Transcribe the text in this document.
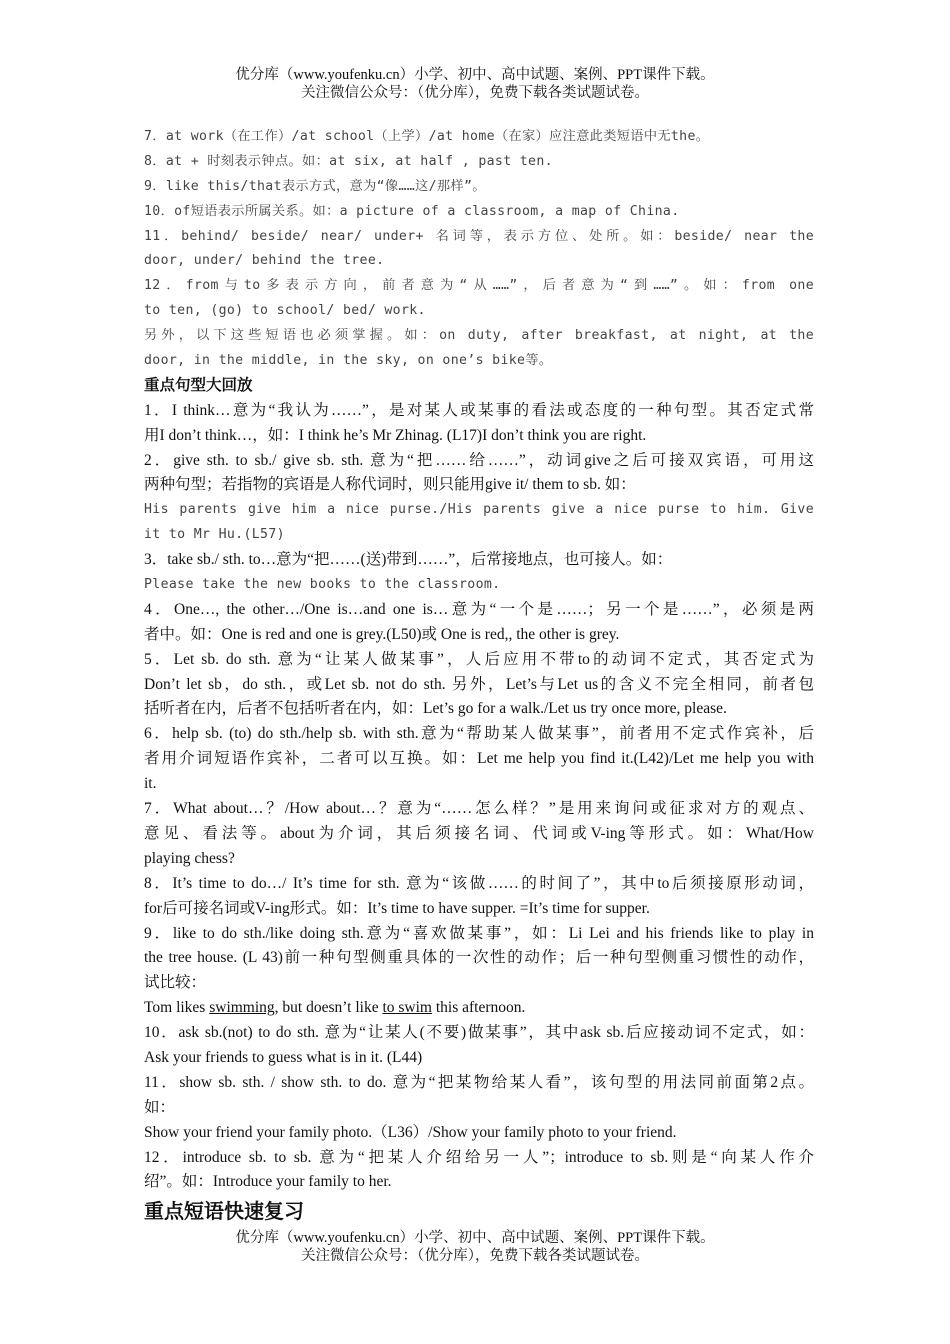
优分库（www.youfenku.cn）小学、初中、高中试题、案例、PPT课件下载。
关注微信公众号：（优分库），免费下载各类试题试卷。
7．at work（在工作）/at school（上学）/at home（在家）应注意此类短语中无the。
8．at + 时刻表示钟点。如：at six, at half , past ten.
9．like this/that表示方式，意为“像……这/那样”。
10．of短语表示所属关系。如：a picture of a classroom, a map of China.
11．behind/ beside/ near/ under+ 名词等，表示方位、处所。如：beside/ near the
door, under/ behind the tree.
12．from与to多表示方向，前者意为“从……”，后者意为“到……”。如：from one
to ten, (go) to school/ bed/ work.
另外，以下这些短语也必须掌握。如：on duty, after breakfast, at night, at the
door, in the middle, in the sky, on one’s bike等。
重点句型大回放
1．I think…意为“我认为……”，是对某人或某事的看法或态度的一种句型。其否定式常
用I don’t think…，如：I think he’s Mr Zhinag. (L17)I don’t think you are right.
2．give sth. to sb./ give sb. sth. 意为“把……给……”，动词give之后可接双宾语，可用这
两种句型；若指物的宾语是人称代词时，则只能用give it/ them to sb. 如：
His parents give him a nice purse./His parents give a nice purse to him. Give
it to Mr Hu.(L57)
3．take sb./ sth. to…意为“把……(送)带到……”，后常接地点，也可接人。如：
Please take the new books to the classroom.
4．One…, the other…/One is…and one is…意为“一个是……；另一个是……”，必须是两
者中。如：One is red and one is grey.(L50)或 One is red,, the other is grey.
5．Let sb. do sth. 意为“让某人做某事”，人后应用不带to的动词不定式，其否定式为
Don’t let sb，do sth.，或Let sb. not do sth. 另外，Let’s与Let us的含义不完全相同，前者包
括听者在内，后者不包括听者在内，如：Let’s go for a walk./Let us try once more, please.
6．help sb. (to) do sth./help sb. with sth.意为“帮助某人做某事”，前者用不定式作宾补，后
者用介词短语作宾补，二者可以互换。如：Let me help you find it.(L42)/Let me help you with
it.
7．What about…？/How about…？意为“……怎么样？”是用来询问或征求对方的观点、
意见、看法等。about为介词，其后须接名词、代词或V-ing等形式。如：What/How
playing chess?
8．It’s time to do…/ It’s time for sth. 意为“该做……的时间了”，其中to后须接原形动词，
for后可接名词或V-ing形式。如：It’s time to have supper. =It’s time for supper.
9．like to do sth./like doing sth.意为“喜欢做某事”，如：Li Lei and his friends like to play in
the tree house. (L 43)前一种句型侧重具体的一次性的动作；后一种句型侧重习惯性的动作，
试比较：
Tom likes swimming, but doesn’t like to swim this afternoon.
10．ask sb.(not) to do sth. 意为“让某人(不要)做某事”，其中ask sb.后应接动词不定式，如：
Ask your friends to guess what is in it. (L44)
11．show sb. sth. / show sth. to do. 意为“把某物给某人看”，该句型的用法同前面第2点。
如：
Show your friend your family photo.（L36）/Show your family photo to your friend.
12．introduce sb. to sb. 意为“把某人介绍给另一人”；introduce to sb.则是“向某人作介
绍”。如：Introduce your family to her.
重点短语快速复习
优分库（www.youfenku.cn）小学、初中、高中试题、案例、PPT课件下载。
关注微信公众号：（优分库），免费下载各类试题试卷。
